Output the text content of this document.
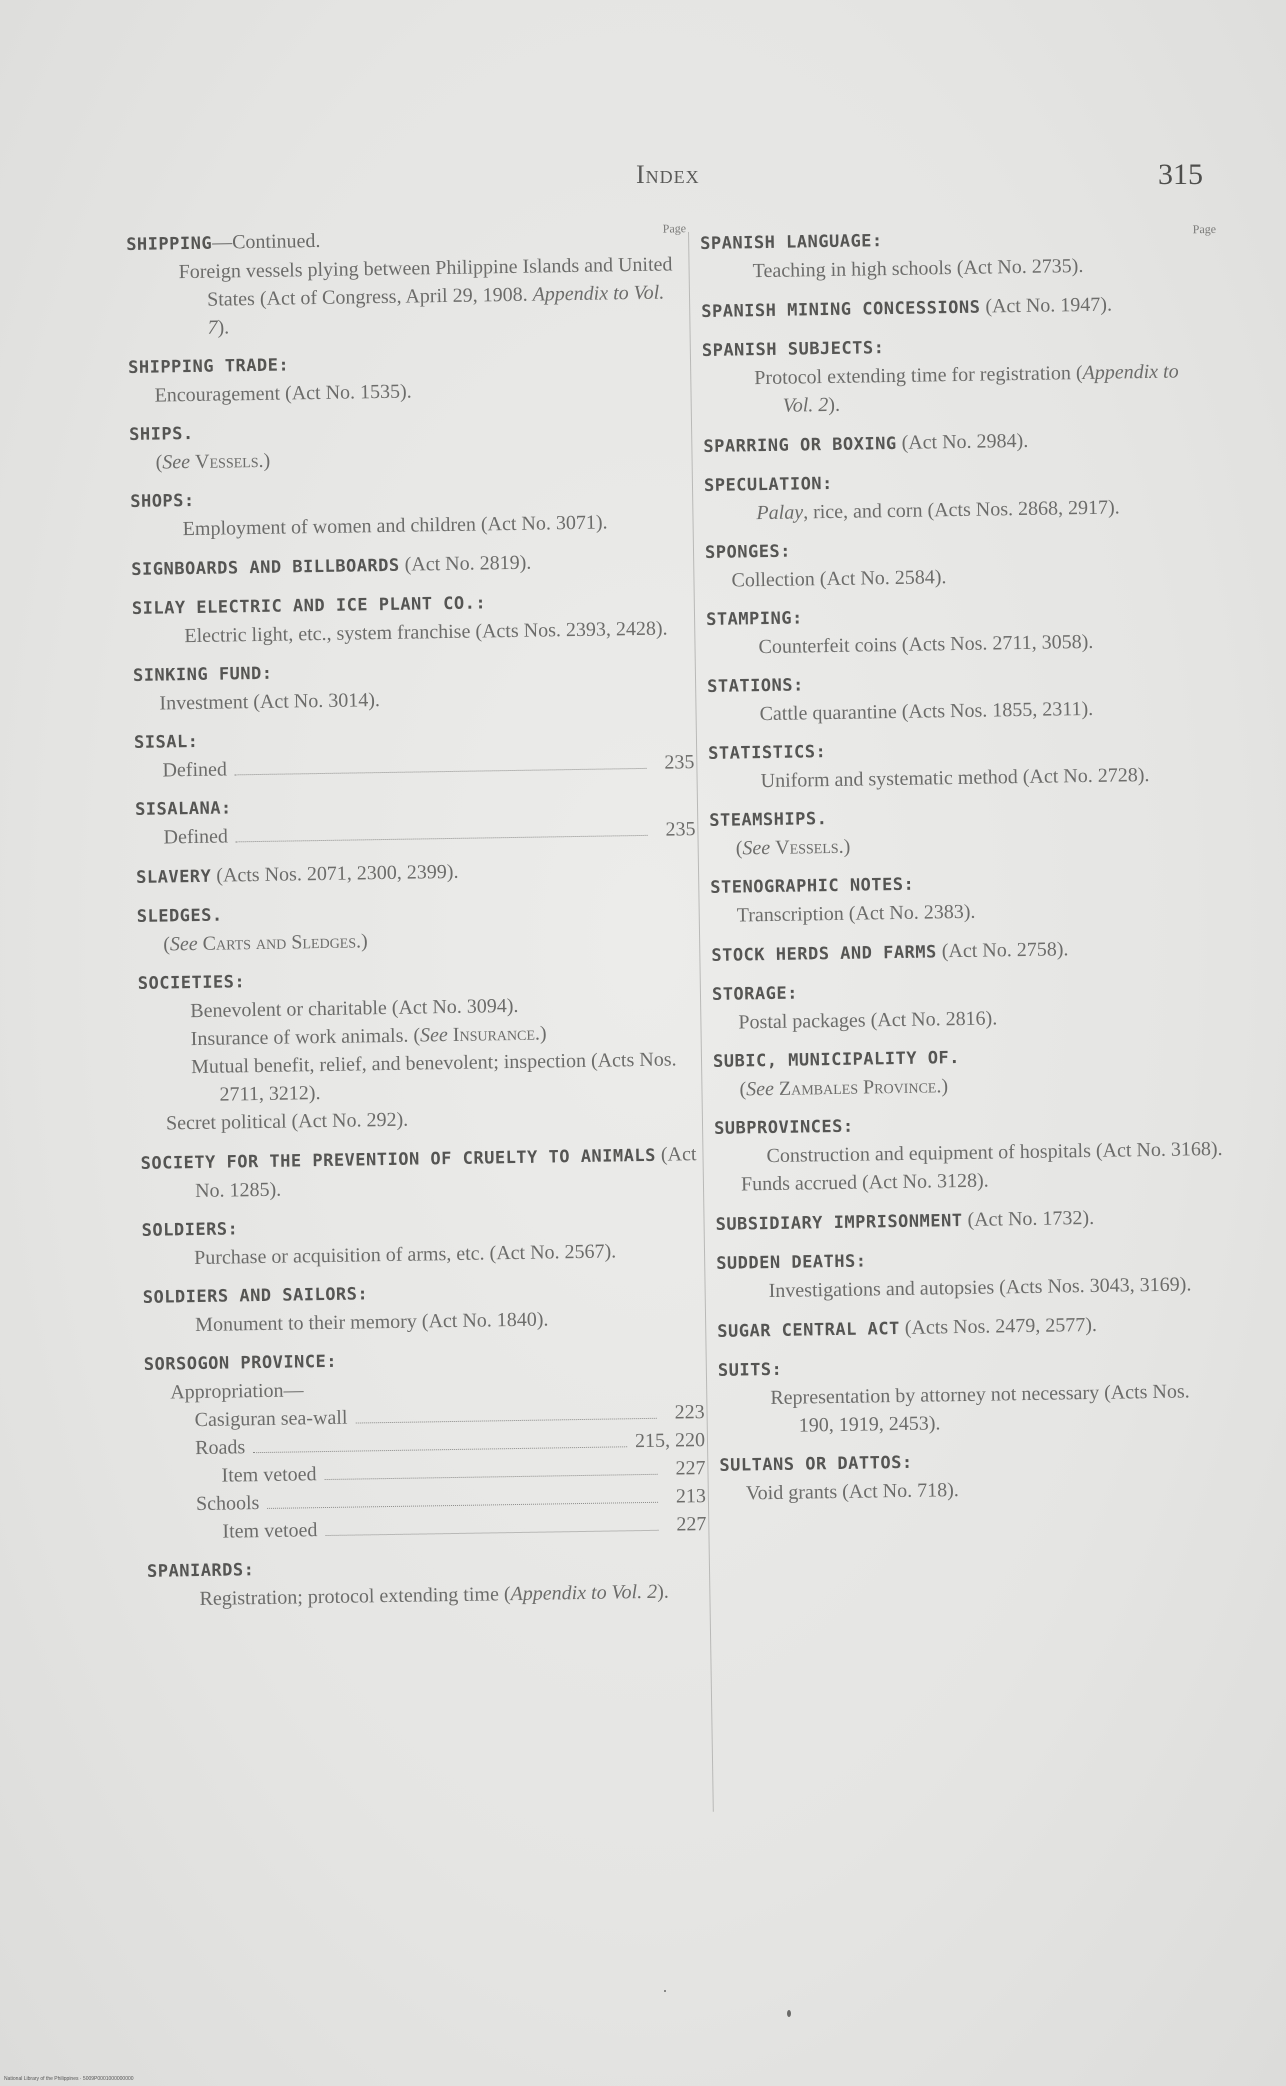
Index	315
Page
SHIPPING—Continued.
Foreign vessels plying between Philippine Islands and United States (Act of Congress, April 29, 1908. Appendix to Vol. 7).
SHIPPING TRADE:
Encouragement (Act No. 1535).
SHIPS.
(See Vessels.)
SHOPS:
Employment of women and children (Act No. 3071).
SIGNBOARDS AND BILLBOARDS (Act No. 2819).
SILAY ELECTRIC AND ICE PLANT CO.:
Electric light, etc., system franchise (Acts Nos. 2393, 2428).
SINKING FUND:
Investment (Act No. 3014).
SISAL:
Defined	235
SISALANA:
Defined	235
SLAVERY (Acts Nos. 2071, 2300, 2399).
SLEDGES.
(See Carts and Sledges.)
SOCIETIES:
Benevolent or charitable (Act No. 3094).
Insurance of work animals. (See Insurance.)
Mutual benefit, relief, and benevolent; inspection (Acts Nos. 2711, 3212).
Secret political (Act No. 292).
SOCIETY FOR THE PREVENTION OF CRUELTY TO ANIMALS (Act No. 1285).
SOLDIERS:
Purchase or acquisition of arms, etc. (Act No. 2567).
SOLDIERS AND SAILORS:
Monument to their memory (Act No. 1840).
SORSOGON PROVINCE:
Appropriation—
Casiguran sea-wall	223
Roads	215, 220
Item vetoed	227
Schools	213
Item vetoed	227
SPANIARDS:
Registration; protocol extending time (Appendix to Vol. 2).
Page
SPANISH LANGUAGE:
Teaching in high schools (Act No. 2735).
SPANISH MINING CONCESSIONS (Act No. 1947).
SPANISH SUBJECTS:
Protocol extending time for registration (Appendix to Vol. 2).
SPARRING OR BOXING (Act No. 2984).
SPECULATION:
Palay, rice, and corn (Acts Nos. 2868, 2917).
SPONGES:
Collection (Act No. 2584).
STAMPING:
Counterfeit coins (Acts Nos. 2711, 3058).
STATIONS:
Cattle quarantine (Acts Nos. 1855, 2311).
STATISTICS:
Uniform and systematic method (Act No. 2728).
STEAMSHIPS.
(See Vessels.)
STENOGRAPHIC NOTES:
Transcription (Act No. 2383).
STOCK HERDS AND FARMS (Act No. 2758).
STORAGE:
Postal packages (Act No. 2816).
SUBIC, MUNICIPALITY OF.
(See Zambales Province.)
SUBPROVINCES:
Construction and equipment of hospitals (Act No. 3168).
Funds accrued (Act No. 3128).
SUBSIDIARY IMPRISONMENT (Act No. 1732).
SUDDEN DEATHS:
Investigations and autopsies (Acts Nos. 3043, 3169).
SUGAR CENTRAL ACT (Acts Nos. 2479, 2577).
SUITS:
Representation by attorney not necessary (Acts Nos. 190, 1919, 2453).
SULTANS OR DATTOS:
Void grants (Act No. 718).
National Library of the Philippines · 5009P0001000000000
